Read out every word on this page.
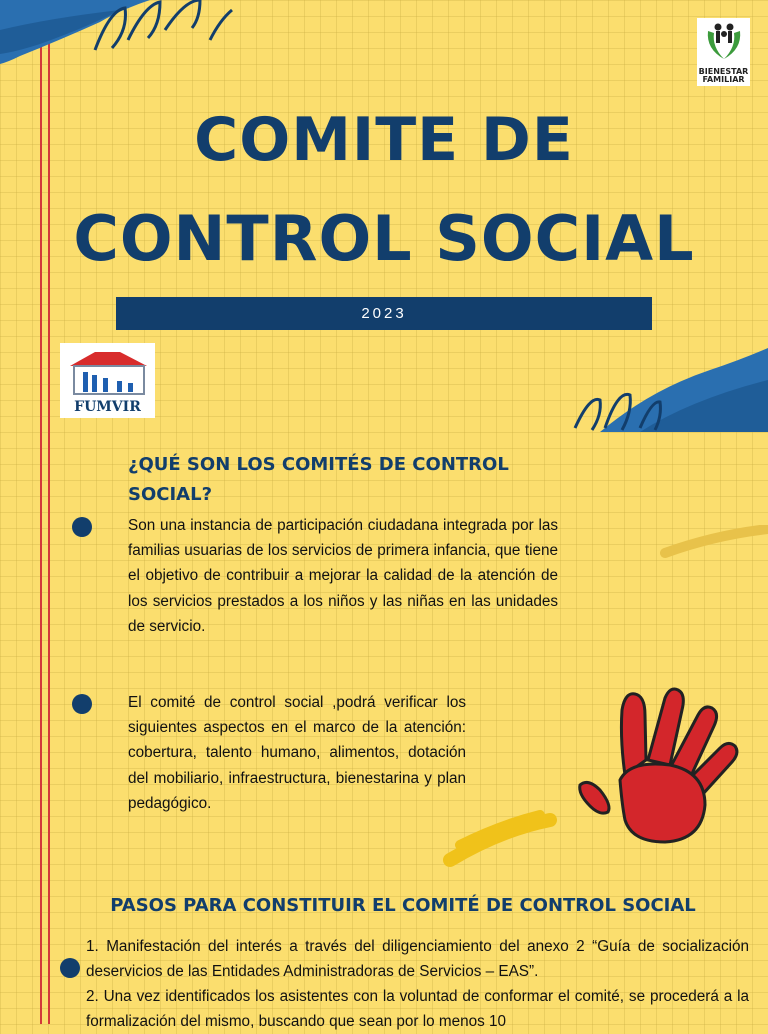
BIENESTAR
FAMILIAR
COMITE DE
CONTROL SOCIAL
2023
FUMVIR
¿QUÉ SON LOS COMITÉS DE CONTROL
SOCIAL?
Son una instancia de participación ciudadana integrada por las familias usuarias de los servicios de primera infancia, que tiene el objetivo de contribuir a mejorar la calidad de la atención de los servicios prestados a los niños y las niñas en las unidades de servicio.
El comité de control social ,podrá verificar los siguientes aspectos en el marco de la atención: cobertura, talento humano, alimentos, dotación del mobiliario, infraestructura, bienestarina y plan pedagógico.
PASOS PARA CONSTITUIR EL COMITÉ DE CONTROL SOCIAL
1. Manifestación del interés a través del diligenciamiento del anexo 2 “Guía de socialización deservicios de las Entidades Administradoras de Servicios – EAS”.
2. Una vez identificados los asistentes con la voluntad de conformar el comité, se procederá a la formalización del mismo, buscando que sean por lo menos 10
